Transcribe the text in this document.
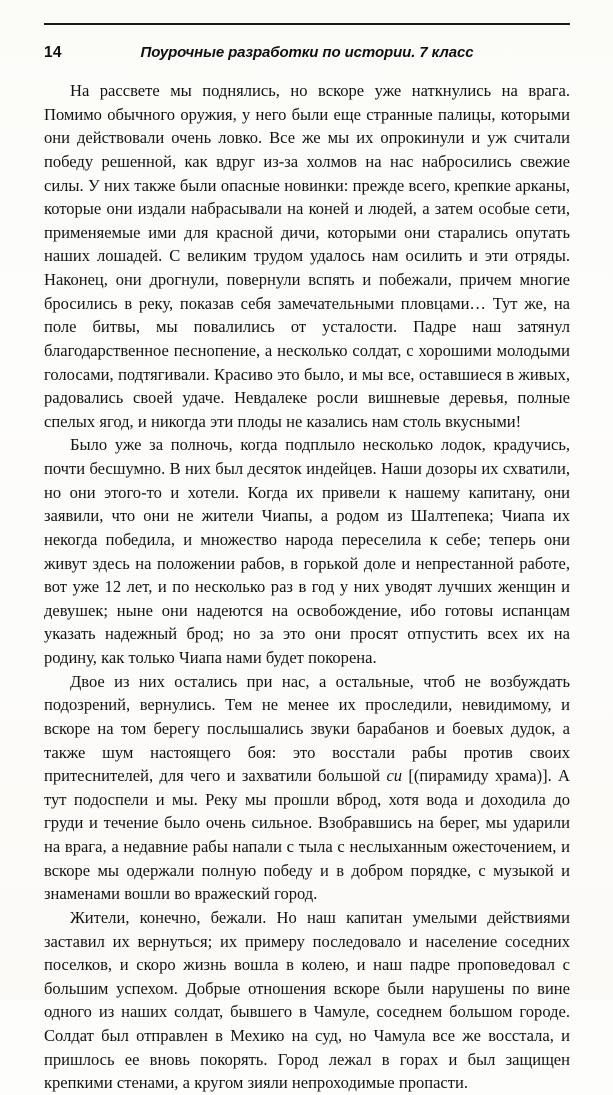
14	Поурочные разработки по истории. 7 класс

На рассвете мы поднялись, но вскоре уже наткнулись на врага. Помимо обычного оружия, у него были еще странные палицы, которыми они действовали очень ловко. Все же мы их опрокинули и уж считали победу решенной, как вдруг из-за холмов на нас набросились свежие силы. У них также были опасные новинки: прежде всего, крепкие арканы, которые они издали набрасывали на коней и людей, а затем особые сети, применяемые ими для красной дичи, которыми они старались опутать наших лошадей. С великим трудом удалось нам осилить и эти отряды. Наконец, они дрогнули, повернули вспять и побежали, причем многие бросились в реку, показав себя замечательными пловцами… Тут же, на поле битвы, мы повалились от усталости. Падре наш затянул благодарственное песнопение, а несколько солдат, с хорошими молодыми голосами, подтягивали. Красиво это было, и мы все, оставшиеся в живых, радовались своей удаче. Невдалеке росли вишневые деревья, полные спелых ягод, и никогда эти плоды не казались нам столь вкусными!

Было уже за полночь, когда подплыло несколько лодок, крадучись, почти бесшумно. В них был десяток индейцев. Наши дозоры их схватили, но они этого-то и хотели. Когда их привели к нашему капитану, они заявили, что они не жители Чиапы, а родом из Шалтепека; Чиапа их некогда победила, и множество народа переселила к себе; теперь они живут здесь на положении рабов, в горькой доле и непрестанной работе, вот уже 12 лет, и по несколько раз в год у них уводят лучших женщин и девушек; ныне они надеются на освобождение, ибо готовы испанцам указать надежный брод; но за это они просят отпустить всех их на родину, как только Чиапа нами будет покорена.

Двое из них остались при нас, а остальные, чтоб не возбуждать подозрений, вернулись. Тем не менее их проследили, невидимому, и вскоре на том берегу послышались звуки барабанов и боевых дудок, а также шум настоящего боя: это восстали рабы против своих притеснителей, для чего и захватили большой си [(пирамиду храма)]. А тут подоспели и мы. Реку мы прошли вброд, хотя вода и доходила до груди и течение было очень сильное. Взобравшись на берег, мы ударили на врага, а недавние рабы напали с тыла с неслыханным ожесточением, и вскоре мы одержали полную победу и в добром порядке, с музыкой и знаменами вошли во вражеский город.

Жители, конечно, бежали. Но наш капитан умелыми действиями заставил их вернуться; их примеру последовало и население соседних поселков, и скоро жизнь вошла в колею, и наш падре проповедовал с большим успехом. Добрые отношения вскоре были нарушены по вине одного из наших солдат, бывшего в Чамуле, соседнем большом городе. Солдат был отправлен в Мехико на суд, но Чамула все же восстала, и пришлось ее вновь покорять. Город лежал в горах и был защищен крепкими стенами, а кругом зияли непроходимые пропасти.
